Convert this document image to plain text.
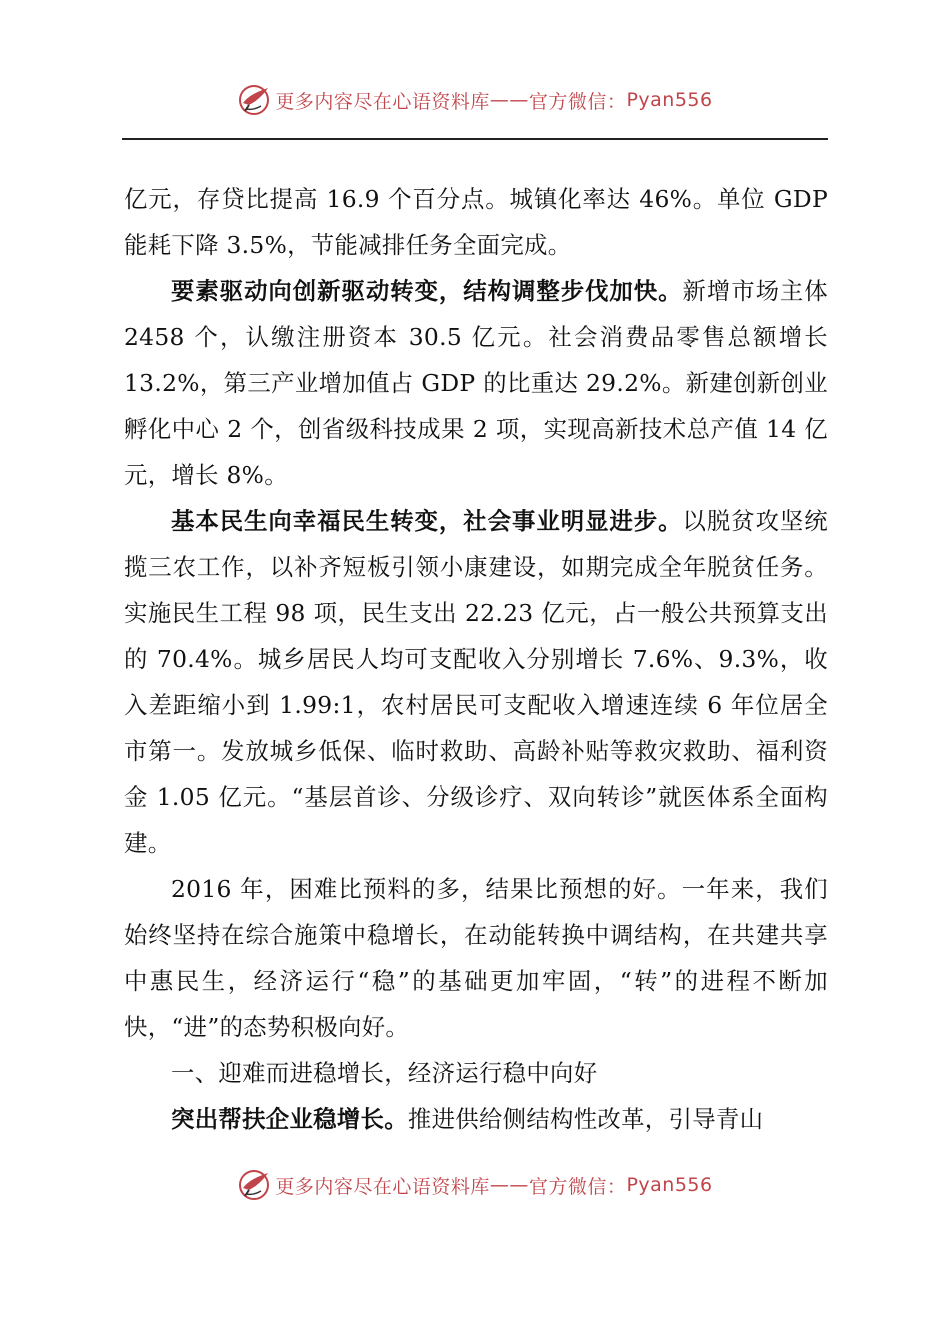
更多内容尽在心语资料库 —— 官方微信： Pyan556

亿元，存贷比提高 16.9 个百分点。城镇化率达 46%。单位 GDP 能耗下降 3.5%，节能减排任务全面完成。

要素驱动向创新驱动转变，结构调整步伐加快。新增市场主体 2458 个，认缴注册资本 30.5 亿元。社会消费品零售总额增长 13.2%，第三产业增加值占 GDP 的比重达 29.2%。新建创新创业孵化中心 2 个，创省级科技成果 2 项，实现高新技术总产值 14 亿元，增长 8%。

基本民生向幸福民生转变，社会事业明显进步。以脱贫攻坚统揽三农工作，以补齐短板引领小康建设，如期完成全年脱贫任务。实施民生工程 98 项，民生支出 22.23 亿元，占一般公共预算支出的 70.4%。城乡居民人均可支配收入分别增长 7.6%、9.3%，收入差距缩小到 1.99:1，农村居民可支配收入增速连续 6 年位居全市第一。发放城乡低保、临时救助、高龄补贴等救灾救助、福利资金 1.05 亿元。“基层首诊、分级诊疗、双向转诊”就医体系全面构建。

2016 年，困难比预料的多，结果比预想的好。一年来，我们始终坚持在综合施策中稳增长，在动能转换中调结构，在共建共享中惠民生，经济运行“稳”的基础更加牢固，“转”的进程不断加快，“进”的态势积极向好。

一、迎难而进稳增长，经济运行稳中向好

突出帮扶企业稳增长。推进供给侧结构性改革，引导青山

更多内容尽在心语资料库 —— 官方微信： Pyan556
